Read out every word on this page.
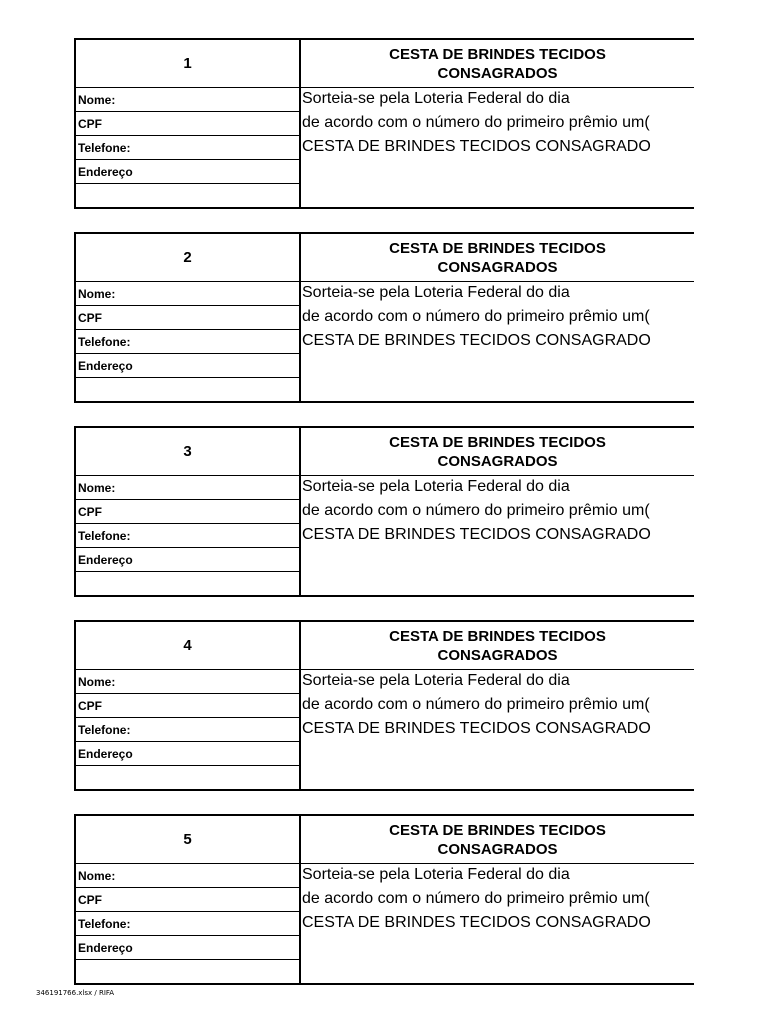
1
Nome:
CPF
Telefone:
Endereço
CESTA DE BRINDES TECIDOS CONSAGRADOS
Sorteia-se pela Loteria Federal do dia
de acordo com o número do primeiro prêmio um(
CESTA DE BRINDES TECIDOS CONSAGRADO
2
Nome:
CPF
Telefone:
Endereço
CESTA DE BRINDES TECIDOS CONSAGRADOS
Sorteia-se pela Loteria Federal do dia
de acordo com o número do primeiro prêmio um(
CESTA DE BRINDES TECIDOS CONSAGRADO
3
Nome:
CPF
Telefone:
Endereço
CESTA DE BRINDES TECIDOS CONSAGRADOS
Sorteia-se pela Loteria Federal do dia
de acordo com o número do primeiro prêmio um(
CESTA DE BRINDES TECIDOS CONSAGRADO
4
Nome:
CPF
Telefone:
Endereço
CESTA DE BRINDES TECIDOS CONSAGRADOS
Sorteia-se pela Loteria Federal do dia
de acordo com o número do primeiro prêmio um(
CESTA DE BRINDES TECIDOS CONSAGRADO
5
Nome:
CPF
Telefone:
Endereço
CESTA DE BRINDES TECIDOS CONSAGRADOS
Sorteia-se pela Loteria Federal do dia
de acordo com o número do primeiro prêmio um(
CESTA DE BRINDES TECIDOS CONSAGRADO
346191766.xlsx / RIFA
